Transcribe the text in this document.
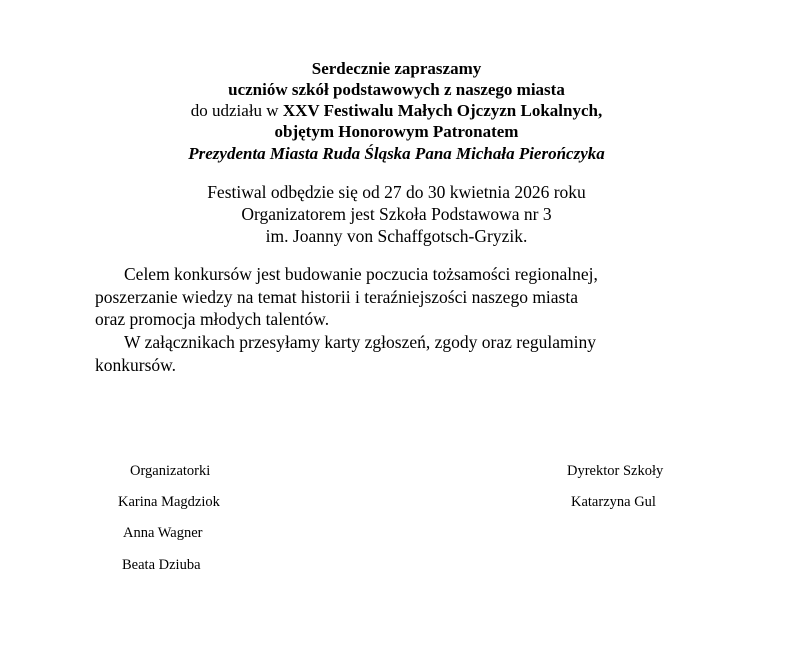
Serdecznie zapraszamy
uczniów szkół podstawowych z naszego miasta
do udziału w XXV Festiwalu Małych Ojczyzn Lokalnych,
objętym Honorowym Patronatem
Prezydenta Miasta Ruda Śląska Pana Michała Pierończyka
Festiwal odbędzie się od 27 do 30 kwietnia 2026 roku
Organizatorem jest Szkoła Podstawowa nr 3
im. Joanny von Schaffgotsch-Gryzik.
Celem konkursów jest budowanie poczucia tożsamości regionalnej,
poszerzanie wiedzy na temat historii i teraźniejszości naszego miasta
oraz promocja młodych talentów.
W załącznikach przesyłamy karty zgłoszeń, zgody oraz regulaminy
konkursów.
Organizatorki
Karina Magdziok
Anna Wagner
Beata Dziuba
Dyrektor Szkoły
Katarzyna Gul
